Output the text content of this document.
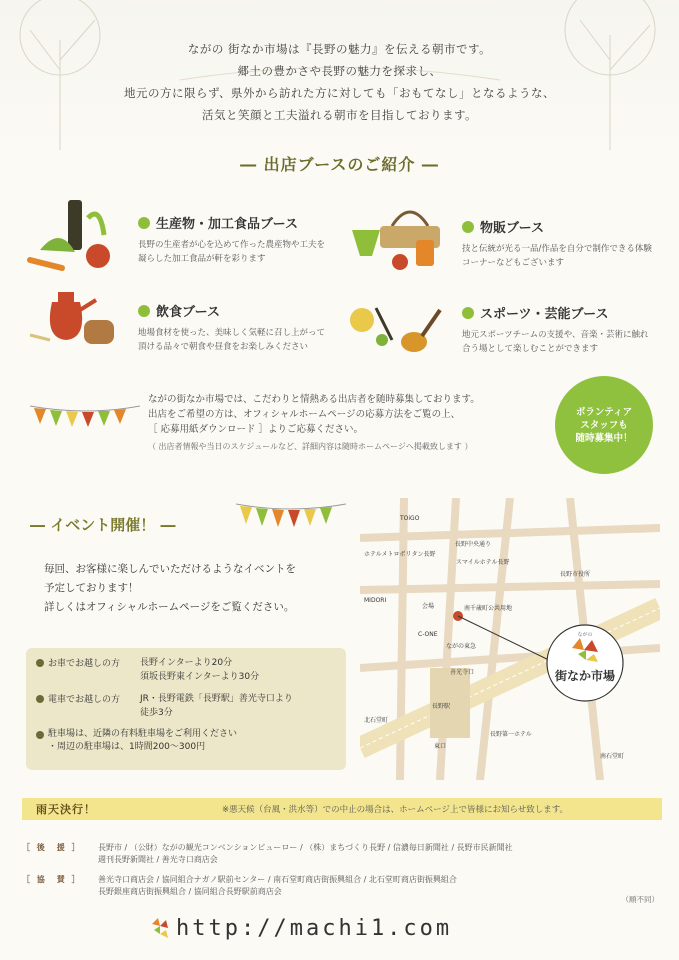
ながの 街なか市場は『長野の魅力』を伝える朝市です。
郷土の豊かさや長野の魅力を探求し、
地元の方に限らず、県外から訪れた方に対しても「おもてなし」となるような、
活気と笑顔と工夫溢れる朝市を目指しております。
― 出店ブースのご紹介 ―
生産物・加工食品ブース
長野の生産者が心を込めて作った農産物や工夫を凝らした加工食品が軒を彩ります
物販ブース
技と伝統が光る一品/作品を自分で制作できる体験コーナーなどもございます
飲食ブース
地場食材を使った、美味しく気軽に召し上がって頂ける品々で朝食や昼食をお楽しみください
スポーツ・芸能ブース
地元スポーツチームの支援や、音楽・芸術に触れ合う場として楽しむことができます
ながの街なか市場では、こだわりと情熱ある出店者を随時募集しております。
出店をご希望の方は、オフィシャルホームページの応募方法をご覧の上、
［ 応募用紙ダウンロード ］よりご応募ください。
（ 出店者情報や当日のスケジュールなど、詳細内容は随時ホームページへ掲載致します ）
ボランティア
スタッフも
随時募集中！
― イベント開催！ ―
毎回、お客様に楽しんでいただけるようなイベントを
予定しております！
詳しくはオフィシャルホームページをご覧ください。
お車でお越しの方 長野インターより20分
須坂長野東インターより30分
電車でお越しの方 JR・長野電鉄「長野駅」善光寺口より
徒歩3分
駐車場は、近隣の有料駐車場をご利用ください
・周辺の駐車場は、1時間200〜300円
TOiGO
長野中央通り
ホテルメトロポリタン長野
スマイルホテル長野
長野市役所
MIDORI
会場	南千歳町公共用地
C-ONE
ながの東急
善光寺口
長野駅
東口
長野第一ホテル
北石堂町
南石堂町
ながの
街なか市場
雨天決行！	※悪天候（台風・洪水等）での中止の場合は、ホームページ上で皆様にお知らせ致します。
［ 後　援 ］	長野市 / （公財）ながの観光コンベンションビューロー / （株）まちづくり長野 / 信濃毎日新聞社 / 長野市民新聞社
週刊長野新聞社 / 善光寺口商店会
［ 協　賛 ］	善光寺口商店会 / 協同組合ナガノ駅前センター / 南石堂町商店街振興組合 / 北石堂町商店街振興組合
長野銀座商店街振興組合 / 協同組合長野駅前商店会
（順不同）
http://machi1.com
